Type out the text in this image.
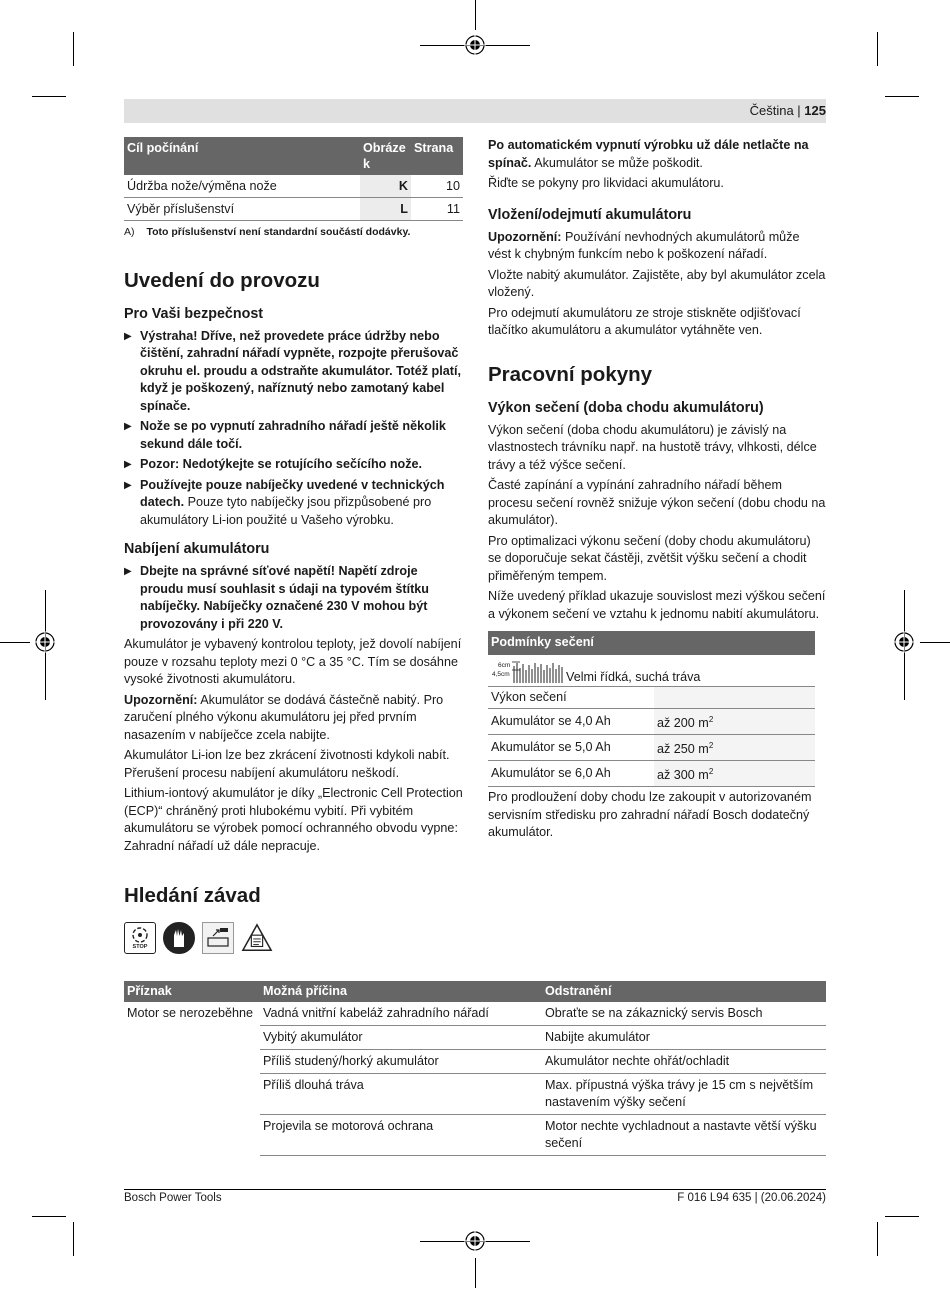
Čeština | 125
Cíl počínání	Obráze k	Strana
Údržba nože/výměna nože	K	10
Výběr příslušenství	L	11
A) Toto příslušenství není standardní součástí dodávky.
Uvedení do provozu
Pro Vaši bezpečnost

▶ Výstraha! Dříve, než provedete práce údržby nebo čištění, zahradní nářadí vypněte, rozpojte přerušovač okruhu el. proudu a odstraňte akumulátor. Totéž platí, když je poškozený, naříznutý nebo zamotaný kabel spínače.

▶ Nože se po vypnutí zahradního nářadí ještě několik sekund dále točí.

▶ Pozor: Nedotýkejte se rotujícího sečícího nože.

▶ Používejte pouze nabíječky uvedené v technických datech. Pouze tyto nabíječky jsou přizpůsobené pro akumulátory Li-ion použité u Vašeho výrobku.

Nabíjení akumulátoru

▶ Dbejte na správné síťové napětí! Napětí zdroje proudu musí souhlasit s údaji na typovém štítku nabíječky. Nabíječky označené 230 V mohou být provozovány i při 220 V.

Akumulátor je vybavený kontrolou teploty, jež dovolí nabíjení pouze v rozsahu teploty mezi 0 °C a 35 °C. Tím se dosáhne vysoké životnosti akumulátoru.

Upozornění: Akumulátor se dodává částečně nabitý. Pro zaručení plného výkonu akumulátoru jej před prvním nasazením v nabíječce zcela nabijte.

Akumulátor Li-ion lze bez zkrácení životnosti kdykoli nabít. Přerušení procesu nabíjení akumulátoru neškodí.

Lithium-iontový akumulátor je díky „Electronic Cell Protection (ECP)“ chráněný proti hlubokému vybití. Při vybitém akumulátoru se výrobek pomocí ochranného obvodu vypne: Zahradní nářadí už dále nepracuje.

Po automatickém vypnutí výrobku už dále netlačte na spínač. Akumulátor se může poškodit.

Řiďte se pokyny pro likvidaci akumulátoru.

Vložení/odejmutí akumulátoru

Upozornění: Používání nevhodných akumulátorů může vést k chybným funkcím nebo k poškození nářadí.

Vložte nabitý akumulátor. Zajistěte, aby byl akumulátor zcela vložený.

Pro odejmutí akumulátoru ze stroje stiskněte odjišťovací tlačítko akumulátoru a akumulátor vytáhněte ven.

Pracovní pokyny
Výkon sečení (doba chodu akumulátoru)

Výkon sečení (doba chodu akumulátoru) je závislý na vlastnostech trávníku např. na hustotě trávy, vlhkosti, délce trávy a též výšce sečení.

Časté zapínání a vypínání zahradního nářadí během procesu sečení rovněž snižuje výkon sečení (dobu chodu na akumulátor).

Pro optimalizaci výkonu sečení (doby chodu akumulátoru) se doporučuje sekat částěji, zvětšit výšku sečení a chodit přiměřeným tempem.

Níže uvedený příklad ukazuje souvislost mezi výškou sečení a výkonem sečení ve vztahu k jednomu nabití akumulátoru.

Podmínky sečení	

6cm
4,5cm Velmi řídká, suchá tráva	

Výkon sečení	
Akumulátor se 4,0 Ah	až 200 $m^2$
Akumulátor se 5,0 Ah	až 250 $m^2$
Akumulátor se 6,0 Ah	až 300 $m^2$

Pro prodloužení doby chodu lze zakoupit v autorizovaném servisním středisku pro zahradní nářadí Bosch dodatečný akumulátor.

Hledání závad
STOP
Příznak	Možná příčina	Odstranění
Motor se nerozeběhne	Vadná vnitřní kabeláž zahradního nářadí	Obraťte se na zákaznický servis Bosch
	Vybitý akumulátor	Nabijte akumulátor
	Příliš studený/horký akumulátor	Akumulátor nechte ohřát/ochladit
	Příliš dlouhá tráva	Max. přípustná výška trávy je 15 cm s největším nastavením výšky sečení
	Projevila se motorová ochrana	Motor nechte vychladnout a nastavte větší výšku sečení
Bosch Power Tools	F 016 L94 635 | (20.06.2024)
